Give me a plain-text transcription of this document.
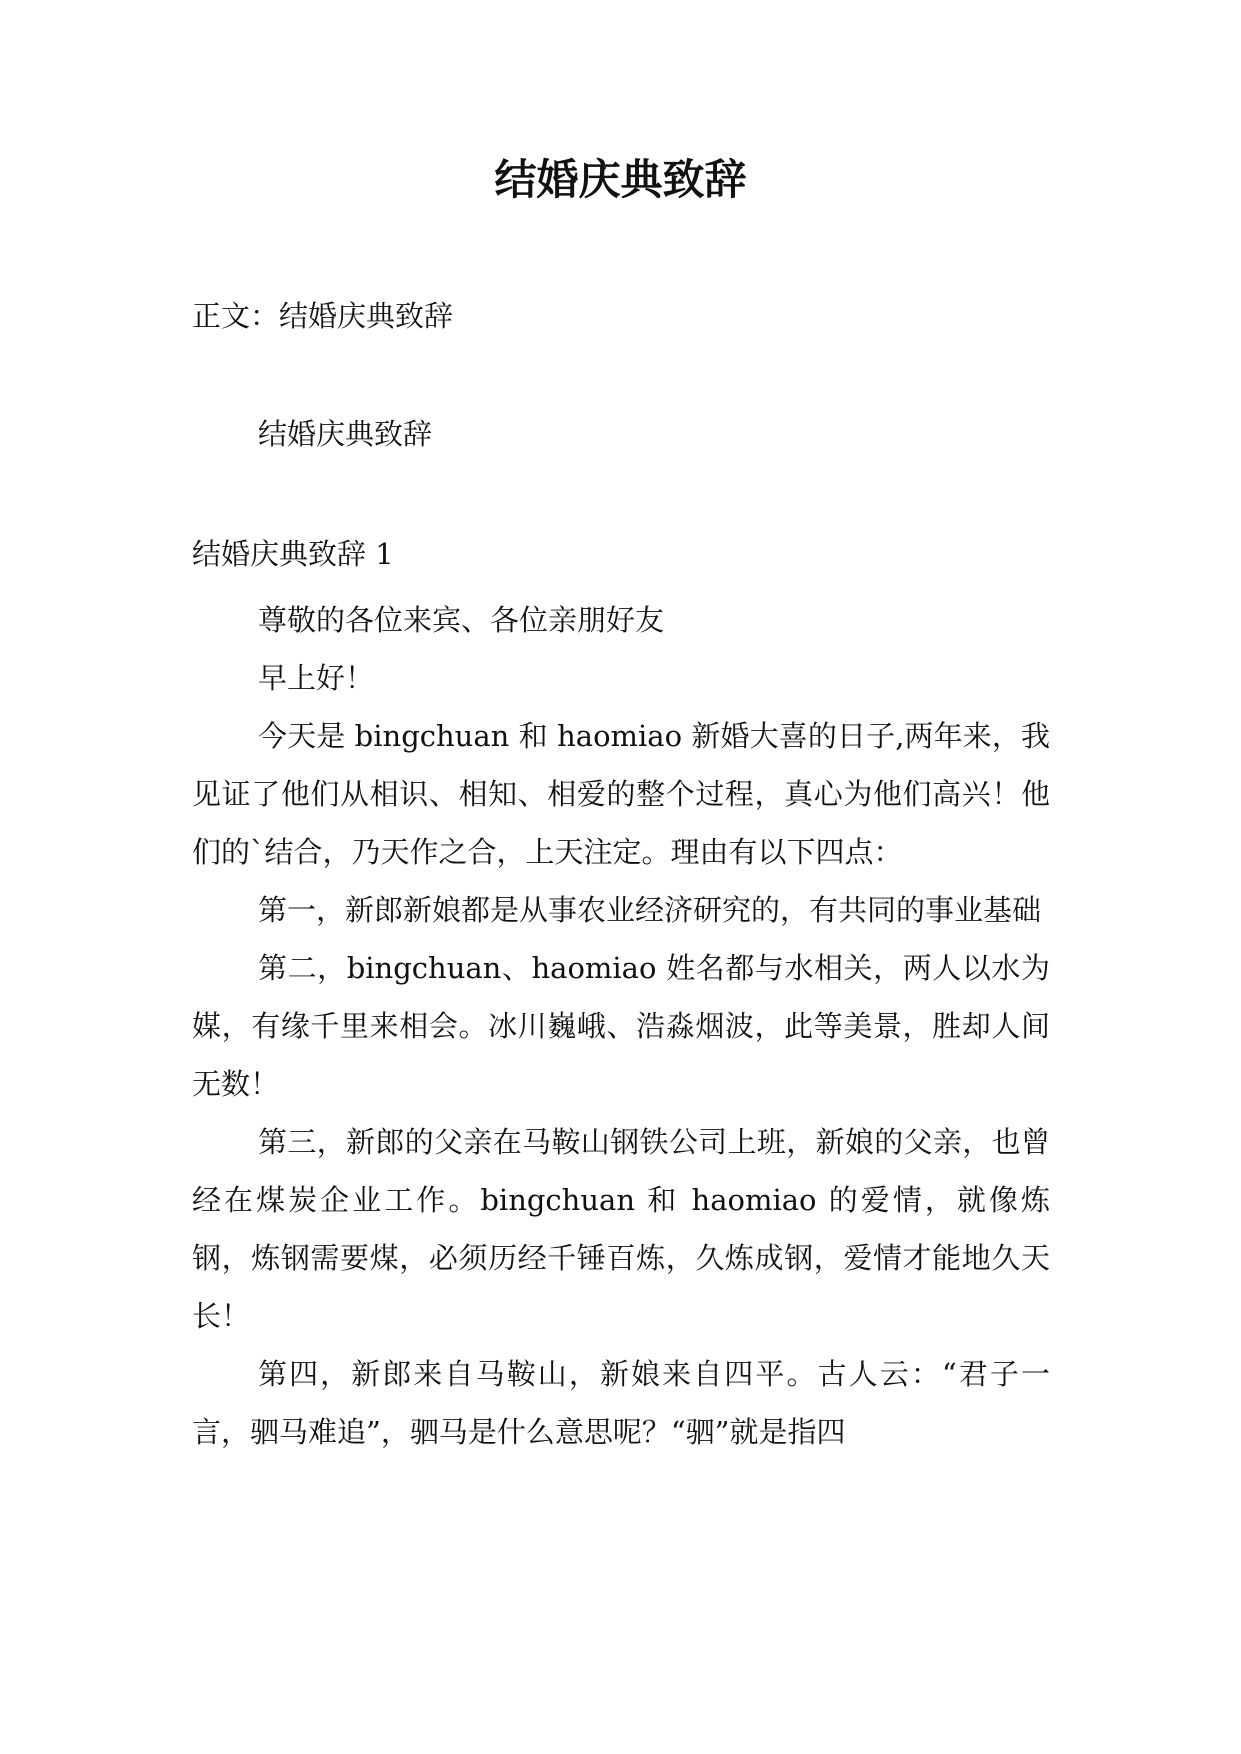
结婚庆典致辞

正文：结婚庆典致辞

结婚庆典致辞

结婚庆典致辞 1

尊敬的各位来宾、各位亲朋好友

早上好！

今天是 bingchuan 和 haomiao 新婚大喜的日子,两年来，我见证了他们从相识、相知、相爱的整个过程，真心为他们高兴！他们的`结合，乃天作之合，上天注定。理由有以下四点：

第一，新郎新娘都是从事农业经济研究的，有共同的事业基础

第二，bingchuan、haomiao 姓名都与水相关，两人以水为媒，有缘千里来相会。冰川巍峨、浩淼烟波，此等美景，胜却人间无数！

第三，新郎的父亲在马鞍山钢铁公司上班，新娘的父亲，也曾经在煤炭企业工作。bingchuan 和 haomiao 的爱情，就像炼钢，炼钢需要煤，必须历经千锤百炼，久炼成钢，爱情才能地久天长！

第四，新郎来自马鞍山，新娘来自四平。古人云：“君子一言，驷马难追”，驷马是什么意思呢？“驷”就是指四
